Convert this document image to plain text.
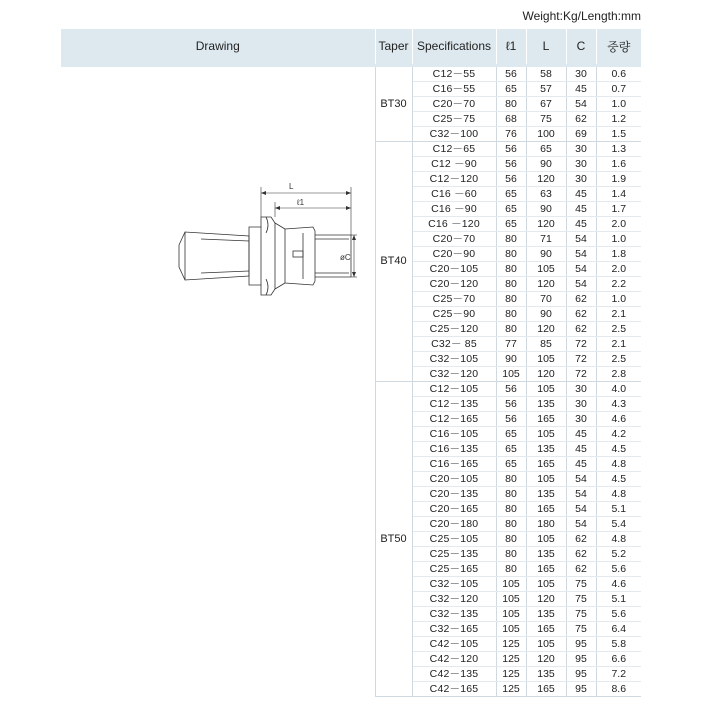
Weight:Kg/Length:mm
Drawing	Taper	Specifications	ℓ1	L	C	중량

L
ℓ1
øC	BT30	C12－55	56	58	30	0.6
		C16－55	65	57	45	0.7
		C20－70	80	67	54	1.0
		C25－75	68	75	62	1.2
		C32－100	76	100	69	1.5
	BT40	C12－65	56	65	30	1.3
		C12 －90	56	90	30	1.6
		C12－120	56	120	30	1.9
		C16 －60	65	63	45	1.4
		C16 －90	65	90	45	1.7
		C16 －120	65	120	45	2.0
		C20－70	80	71	54	1.0
		C20－90	80	90	54	1.8
		C20－105	80	105	54	2.0
		C20－120	80	120	54	2.2
		C25－70	80	70	62	1.0
		C25－90	80	90	62	2.1
		C25－120	80	120	62	2.5
		C32－ 85	77	85	72	2.1
		C32－105	90	105	72	2.5
		C32－120	105	120	72	2.8
	BT50	C12－105	56	105	30	4.0
		C12－135	56	135	30	4.3
		C12－165	56	165	30	4.6
		C16－105	65	105	45	4.2
		C16－135	65	135	45	4.5
		C16－165	65	165	45	4.8
		C20－105	80	105	54	4.5
		C20－135	80	135	54	4.8
		C20－165	80	165	54	5.1
		C20－180	80	180	54	5.4
		C25－105	80	105	62	4.8
		C25－135	80	135	62	5.2
		C25－165	80	165	62	5.6
		C32－105	105	105	75	4.6
		C32－120	105	120	75	5.1
		C32－135	105	135	75	5.6
		C32－165	105	165	75	6.4
		C42－105	125	105	95	5.8
		C42－120	125	120	95	6.6
		C42－135	125	135	95	7.2
		C42－165	125	165	95	8.6
